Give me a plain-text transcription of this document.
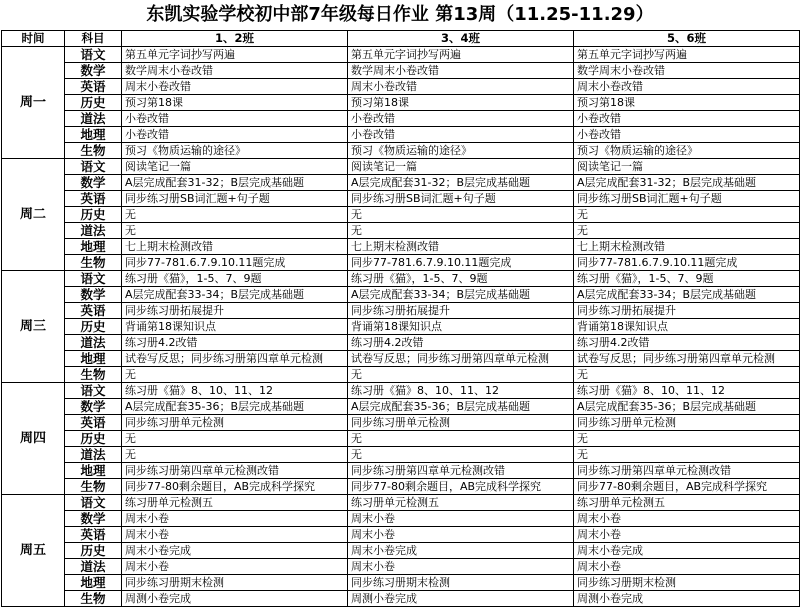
东凯实验学校初中部7年级每日作业 第13周（11.25-11.29）
时间	科目	1、2班	3、4班	5、6班
周一	语文	第五单元字词抄写两遍	第五单元字词抄写两遍	第五单元字词抄写两遍
	数学	数学周末小卷改错	数学周末小卷改错	数学周末小卷改错
	英语	周末小卷改错	周末小卷改错	周末小卷改错
	历史	预习第18课	预习第18课	预习第18课
	道法	小卷改错	小卷改错	小卷改错
	地理	小卷改错	小卷改错	小卷改错
	生物	预习《物质运输的途径》	预习《物质运输的途径》	预习《物质运输的途径》
周二	语文	阅读笔记一篇	阅读笔记一篇	阅读笔记一篇
	数学	A层完成配套31-32；B层完成基础题	A层完成配套31-32；B层完成基础题	A层完成配套31-32；B层完成基础题
	英语	同步练习册SB词汇题+句子题	同步练习册SB词汇题+句子题	同步练习册SB词汇题+句子题
	历史	无	无	无
	道法	无	无	无
	地理	七上期末检测改错	七上期末检测改错	七上期末检测改错
	生物	同步77-781.6.7.9.10.11题完成	同步77-781.6.7.9.10.11题完成	同步77-781.6.7.9.10.11题完成
周三	语文	练习册《猫》，1-5、7、9题	练习册《猫》，1-5、7、9题	练习册《猫》，1-5、7、9题
	数学	A层完成配套33-34；B层完成基础题	A层完成配套33-34；B层完成基础题	A层完成配套33-34；B层完成基础题
	英语	同步练习册拓展提升	同步练习册拓展提升	同步练习册拓展提升
	历史	背诵第18课知识点	背诵第18课知识点	背诵第18课知识点
	道法	练习册4.2改错	练习册4.2改错	练习册4.2改错
	地理	试卷写反思；同步练习册第四章单元检测	试卷写反思；同步练习册第四章单元检测	试卷写反思；同步练习册第四章单元检测
	生物	无	无	无
周四	语文	练习册《猫》8、10、11、12	练习册《猫》8、10、11、12	练习册《猫》8、10、11、12
	数学	A层完成配套35-36；B层完成基础题	A层完成配套35-36；B层完成基础题	A层完成配套35-36；B层完成基础题
	英语	同步练习册单元检测	同步练习册单元检测	同步练习册单元检测
	历史	无	无	无
	道法	无	无	无
	地理	同步练习册第四章单元检测改错	同步练习册第四章单元检测改错	同步练习册第四章单元检测改错
	生物	同步77-80剩余题目，AB完成科学探究	同步77-80剩余题目，AB完成科学探究	同步77-80剩余题目，AB完成科学探究
周五	语文	练习册单元检测五	练习册单元检测五	练习册单元检测五
	数学	周末小卷	周末小卷	周末小卷
	英语	周末小卷	周末小卷	周末小卷
	历史	周末小卷完成	周末小卷完成	周末小卷完成
	道法	周末小卷	周末小卷	周末小卷
	地理	同步练习册期末检测	同步练习册期末检测	同步练习册期末检测
	生物	周测小卷完成	周测小卷完成	周测小卷完成
